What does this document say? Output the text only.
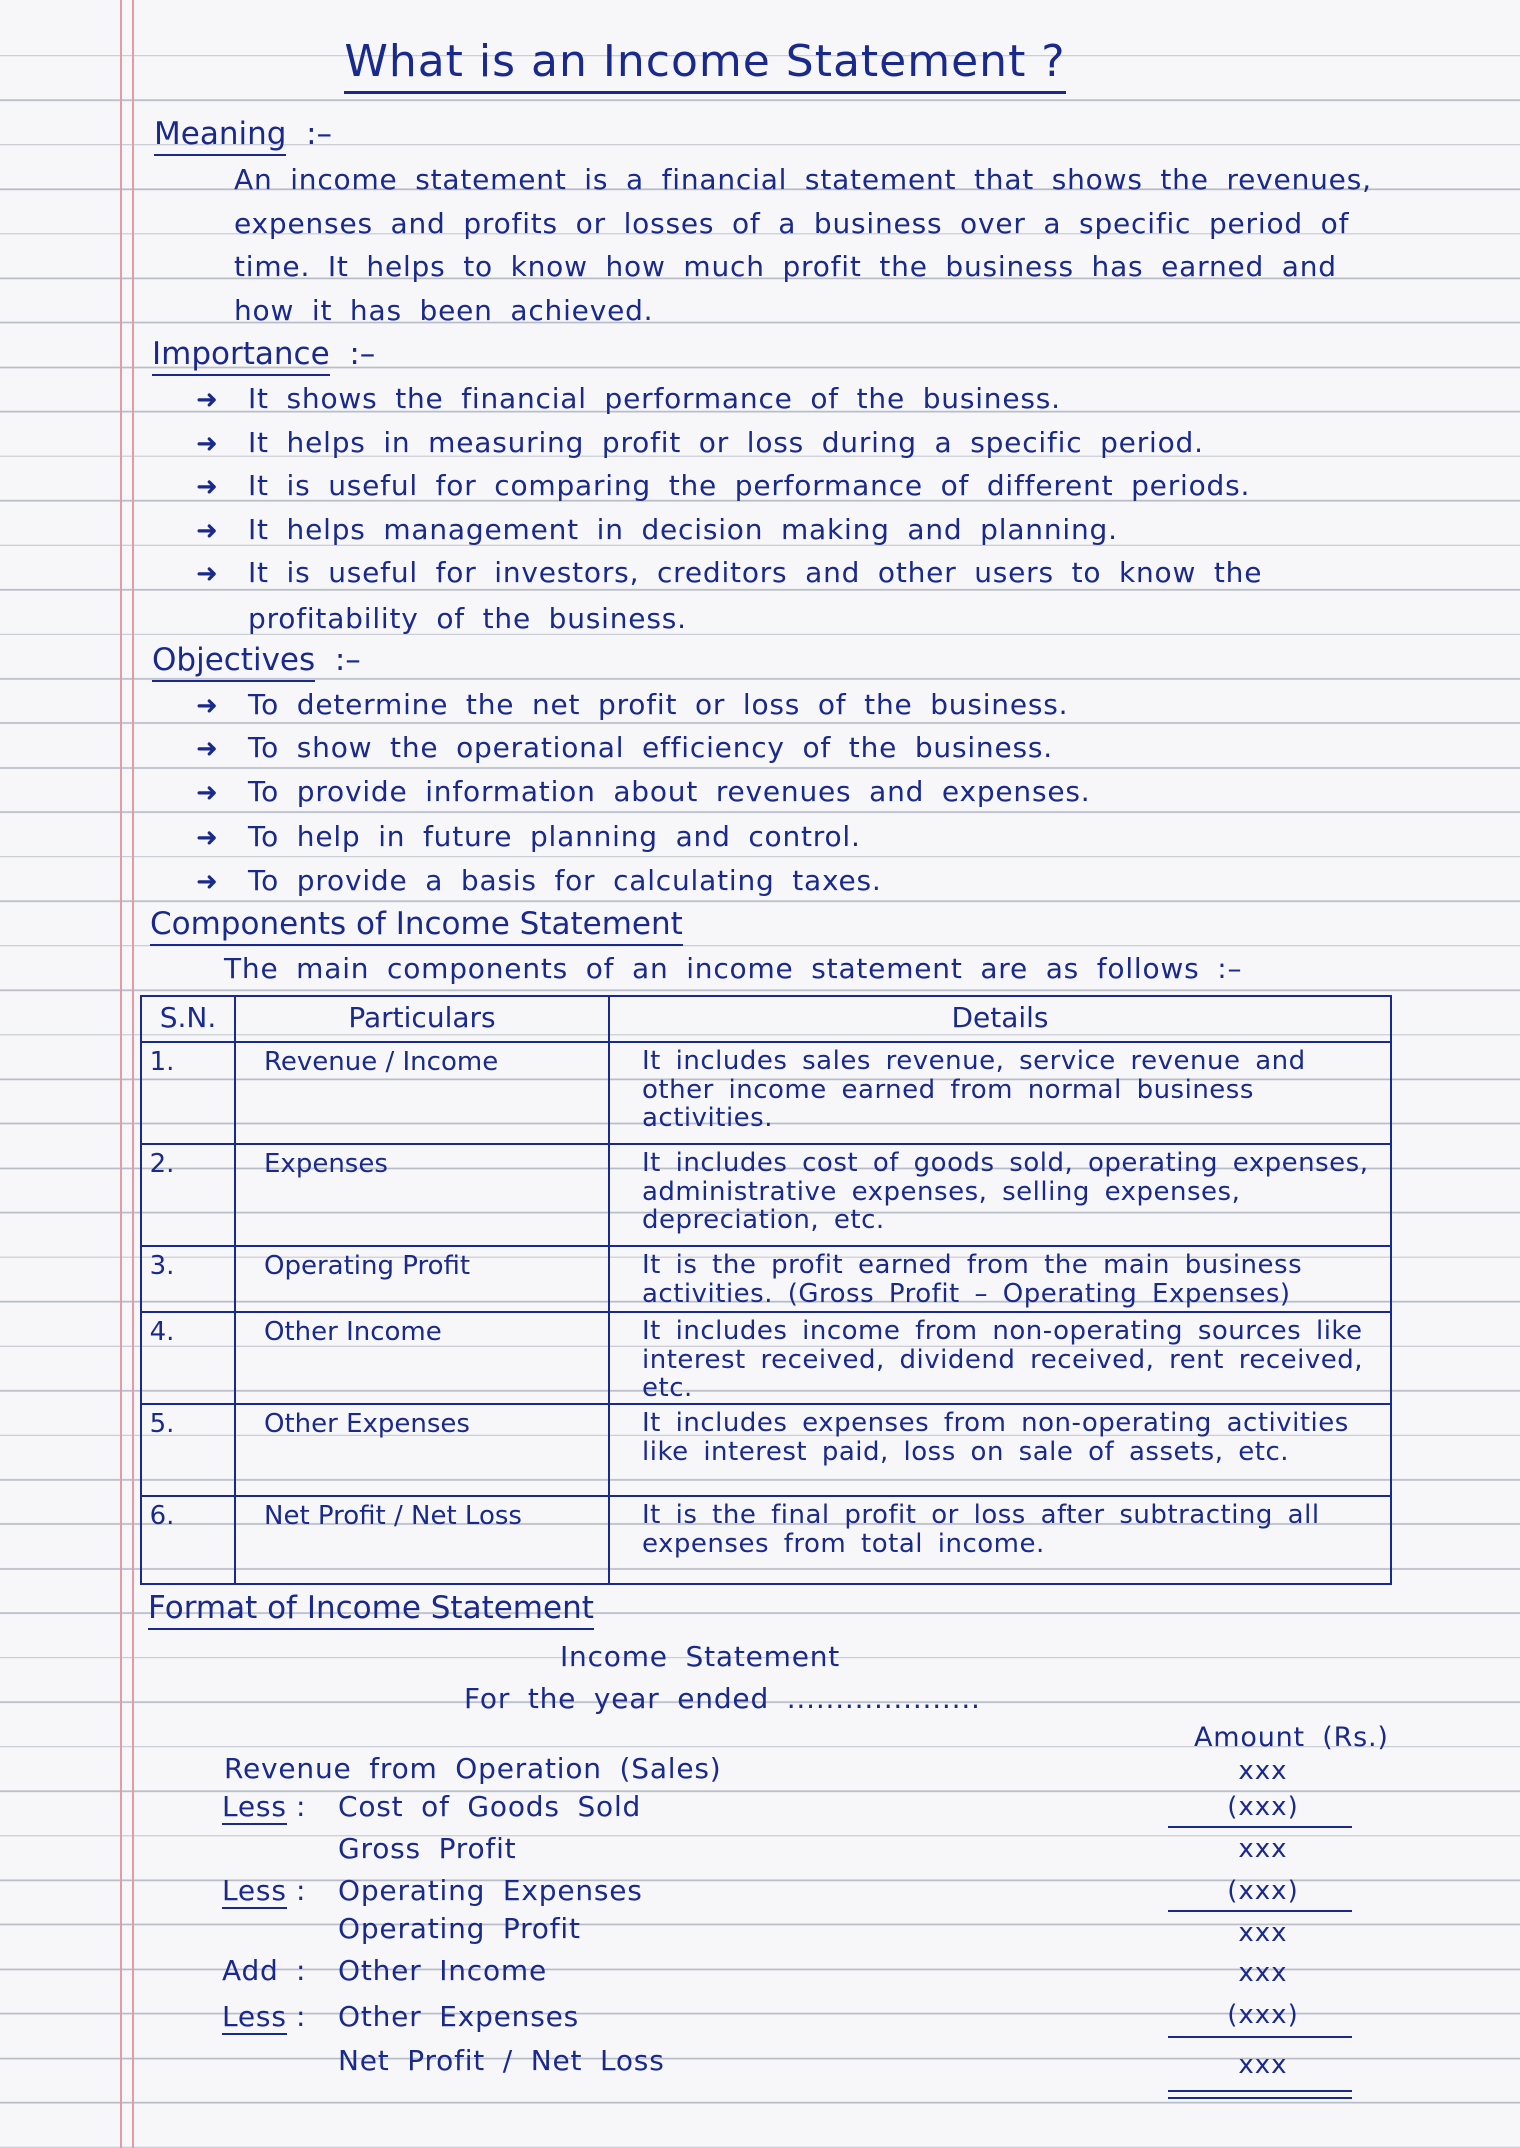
What is an Income Statement ?
Meaning  :–
An income statement is a financial statement that shows the revenues,
expenses and profits or losses of a business over a specific period of
time. It helps to know how much profit the business has earned and
how it has been achieved.
Importance  :–
➜ It shows the financial performance of the business.
➜ It helps in measuring profit or loss during a specific period.
➜ It is useful for comparing the performance of different periods.
➜ It helps management in decision making and planning.
➜ It is useful for investors, creditors and other users to know the
profitability of the business.
Objectives  :–
➜ To determine the net profit or loss of the business.
➜ To show the operational efficiency of the business.
➜ To provide information about revenues and expenses.
➜ To help in future planning and control.
➜ To provide a basis for calculating taxes.
Components of Income Statement
The main components of an income statement are as follows :–
S.N.	Particulars	Details
1.	Revenue / Income	It includes sales revenue, service revenue and other income earned from normal business activities.
2.	Expenses	It includes cost of goods sold, operating expenses, administrative expenses, selling expenses, depreciation, etc.
3.	Operating Profit	It is the profit earned from the main business activities. (Gross Profit – Operating Expenses)
4.	Other Income	It includes income from non-operating sources like interest received, dividend received, rent received, etc.
5.	Other Expenses	It includes expenses from non-operating activities like interest paid, loss on sale of assets, etc.
6.	Net Profit / Net Loss	It is the final profit or loss after subtracting all expenses from total income.
Format of Income Statement
Income Statement
For the year ended ....................
Amount (Rs.)
Revenue from Operation (Sales)	xxx
Less : Cost of Goods Sold	(xxx)
Gross Profit	xxx
Less : Operating Expenses	(xxx)
Operating Profit	xxx
Add : Other Income	xxx
Less : Other Expenses	(xxx)
Net Profit / Net Loss	xxx
